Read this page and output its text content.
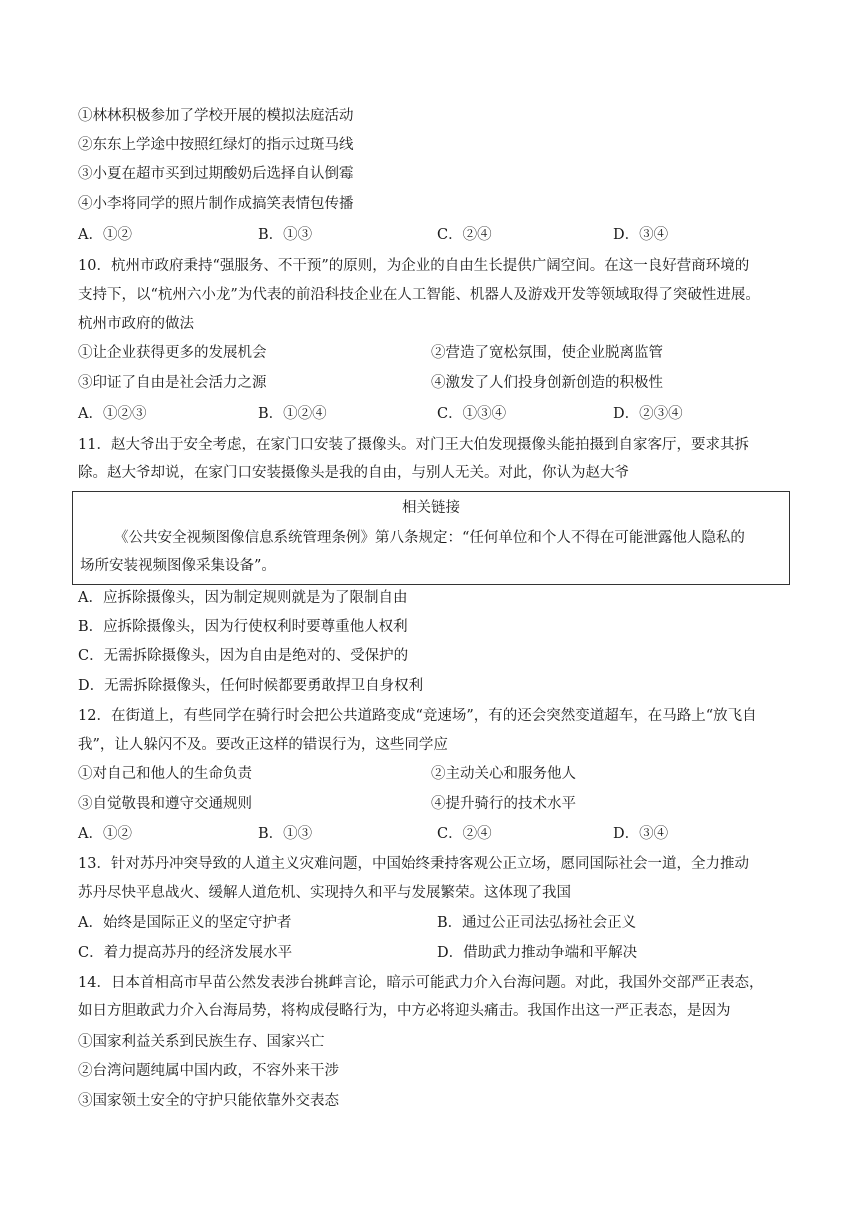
①林林积极参加了学校开展的模拟法庭活动
②东东上学途中按照红绿灯的指示过斑马线
③小夏在超市买到过期酸奶后选择自认倒霉
④小李将同学的照片制作成搞笑表情包传播
A．①②	B．①③	C．②④	D．③④
10．杭州市政府秉持“强服务、不干预”的原则，为企业的自由生长提供广阔空间。在这一良好营商环境的
支持下，以“杭州六小龙”为代表的前沿科技企业在人工智能、机器人及游戏开发等领域取得了突破性进展。
杭州市政府的做法
①让企业获得更多的发展机会	②营造了宽松氛围，使企业脱离监管
③印证了自由是社会活力之源	④激发了人们投身创新创造的积极性
A．①②③	B．①②④	C．①③④	D．②③④
11．赵大爷出于安全考虑，在家门口安装了摄像头。对门王大伯发现摄像头能拍摄到自家客厅，要求其拆
除。赵大爷却说，在家门口安装摄像头是我的自由，与别人无关。对此，你认为赵大爷
相关链接
《公共安全视频图像信息系统管理条例》第八条规定：“任何单位和个人不得在可能泄露他人隐私的
场所安装视频图像采集设备”。
A．应拆除摄像头，因为制定规则就是为了限制自由
B．应拆除摄像头，因为行使权利时要尊重他人权利
C．无需拆除摄像头，因为自由是绝对的、受保护的
D．无需拆除摄像头，任何时候都要勇敢捍卫自身权利
12．在街道上，有些同学在骑行时会把公共道路变成“竞速场”，有的还会突然变道超车，在马路上“放飞自
我”，让人躲闪不及。要改正这样的错误行为，这些同学应
①对自己和他人的生命负责	②主动关心和服务他人
③自觉敬畏和遵守交通规则	④提升骑行的技术水平
A．①②	B．①③	C．②④	D．③④
13．针对苏丹冲突导致的人道主义灾难问题，中国始终秉持客观公正立场，愿同国际社会一道，全力推动
苏丹尽快平息战火、缓解人道危机、实现持久和平与发展繁荣。这体现了我国
A．始终是国际正义的坚定守护者	B．通过公正司法弘扬社会正义
C．着力提高苏丹的经济发展水平	D．借助武力推动争端和平解决
14．日本首相高市早苗公然发表涉台挑衅言论，暗示可能武力介入台海问题。对此，我国外交部严正表态，
如日方胆敢武力介入台海局势，将构成侵略行为，中方必将迎头痛击。我国作出这一严正表态，是因为
①国家利益关系到民族生存、国家兴亡
②台湾问题纯属中国内政，不容外来干涉
③国家领土安全的守护只能依靠外交表态
